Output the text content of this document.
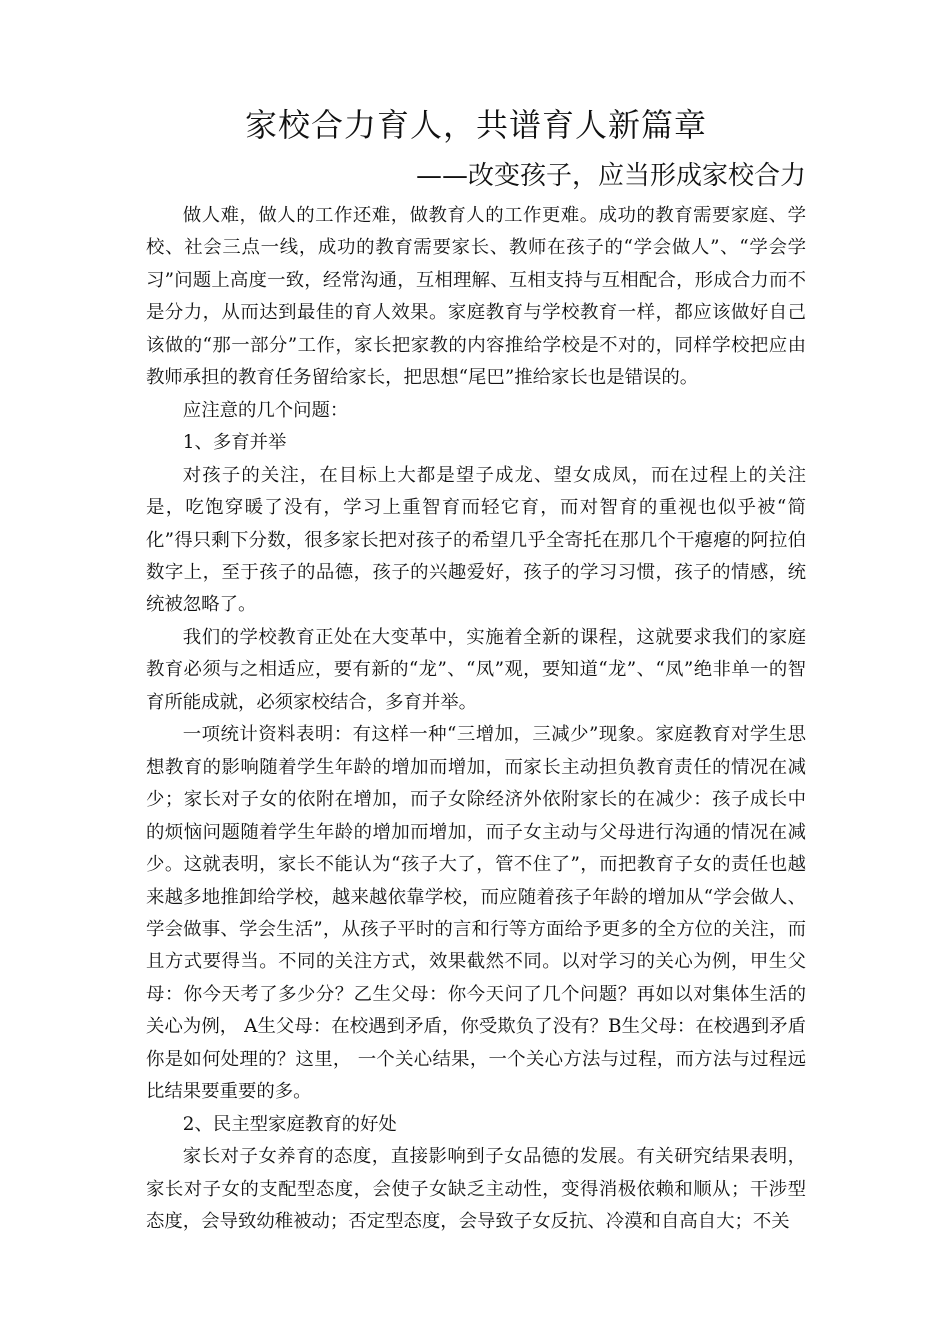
家校合力育人，共谱育人新篇章
——改变孩子，应当形成家校合力

做人难，做人的工作还难，做教育人的工作更难。成功的教育需要家庭、学校、社会三点一线，成功的教育需要家长、教师在孩子的“学会做人”、“学会学习”问题上高度一致，经常沟通，互相理解、互相支持与互相配合，形成合力而不是分力，从而达到最佳的育人效果。家庭教育与学校教育一样，都应该做好自己该做的“那一部分”工作，家长把家教的内容推给学校是不对的，同样学校把应由教师承担的教育任务留给家长，把思想“尾巴”推给家长也是错误的。

应注意的几个问题：

1、多育并举

对孩子的关注，在目标上大都是望子成龙、望女成凤，而在过程上的关注是，吃饱穿暖了没有，学习上重智育而轻它育，而对智育的重视也似乎被“简化”得只剩下分数，很多家长把对孩子的希望几乎全寄托在那几个干瘪瘪的阿拉伯数字上，至于孩子的品德，孩子的兴趣爱好，孩子的学习习惯，孩子的情感，统统被忽略了。

我们的学校教育正处在大变革中，实施着全新的课程，这就要求我们的家庭教育必须与之相适应，要有新的“龙”、“凤”观，要知道“龙”、“凤”绝非单一的智育所能成就，必须家校结合，多育并举。

一项统计资料表明：有这样一种“三增加，三减少”现象。家庭教育对学生思想教育的影响随着学生年龄的增加而增加，而家长主动担负教育责任的情况在减少；家长对子女的依附在增加，而子女除经济外依附家长的在减少：孩子成长中的烦恼问题随着学生年龄的增加而增加，而子女主动与父母进行沟通的情况在减少。这就表明，家长不能认为“孩子大了，管不住了”，而把教育子女的责任也越来越多地推卸给学校，越来越依靠学校，而应随着孩子年龄的增加从“学会做人、学会做事、学会生活”，从孩子平时的言和行等方面给予更多的全方位的关注，而且方式要得当。不同的关注方式，效果截然不同。以对学习的关心为例，甲生父母：你今天考了多少分？乙生父母：你今天问了几个问题？再如以对集体生活的关心为例， A生父母：在校遇到矛盾，你受欺负了没有？B生父母：在校遇到矛盾你是如何处理的？这里， 一个关心结果，一个关心方法与过程，而方法与过程远比结果要重要的多。

2、民主型家庭教育的好处

家长对子女养育的态度，直接影响到子女品德的发展。有关研究结果表明，家长对子女的支配型态度，会使子女缺乏主动性，变得消极依赖和顺从；干涉型态度，会导致幼稚被动；否定型态度，会导致子女反抗、冷漠和自高自大；不关
